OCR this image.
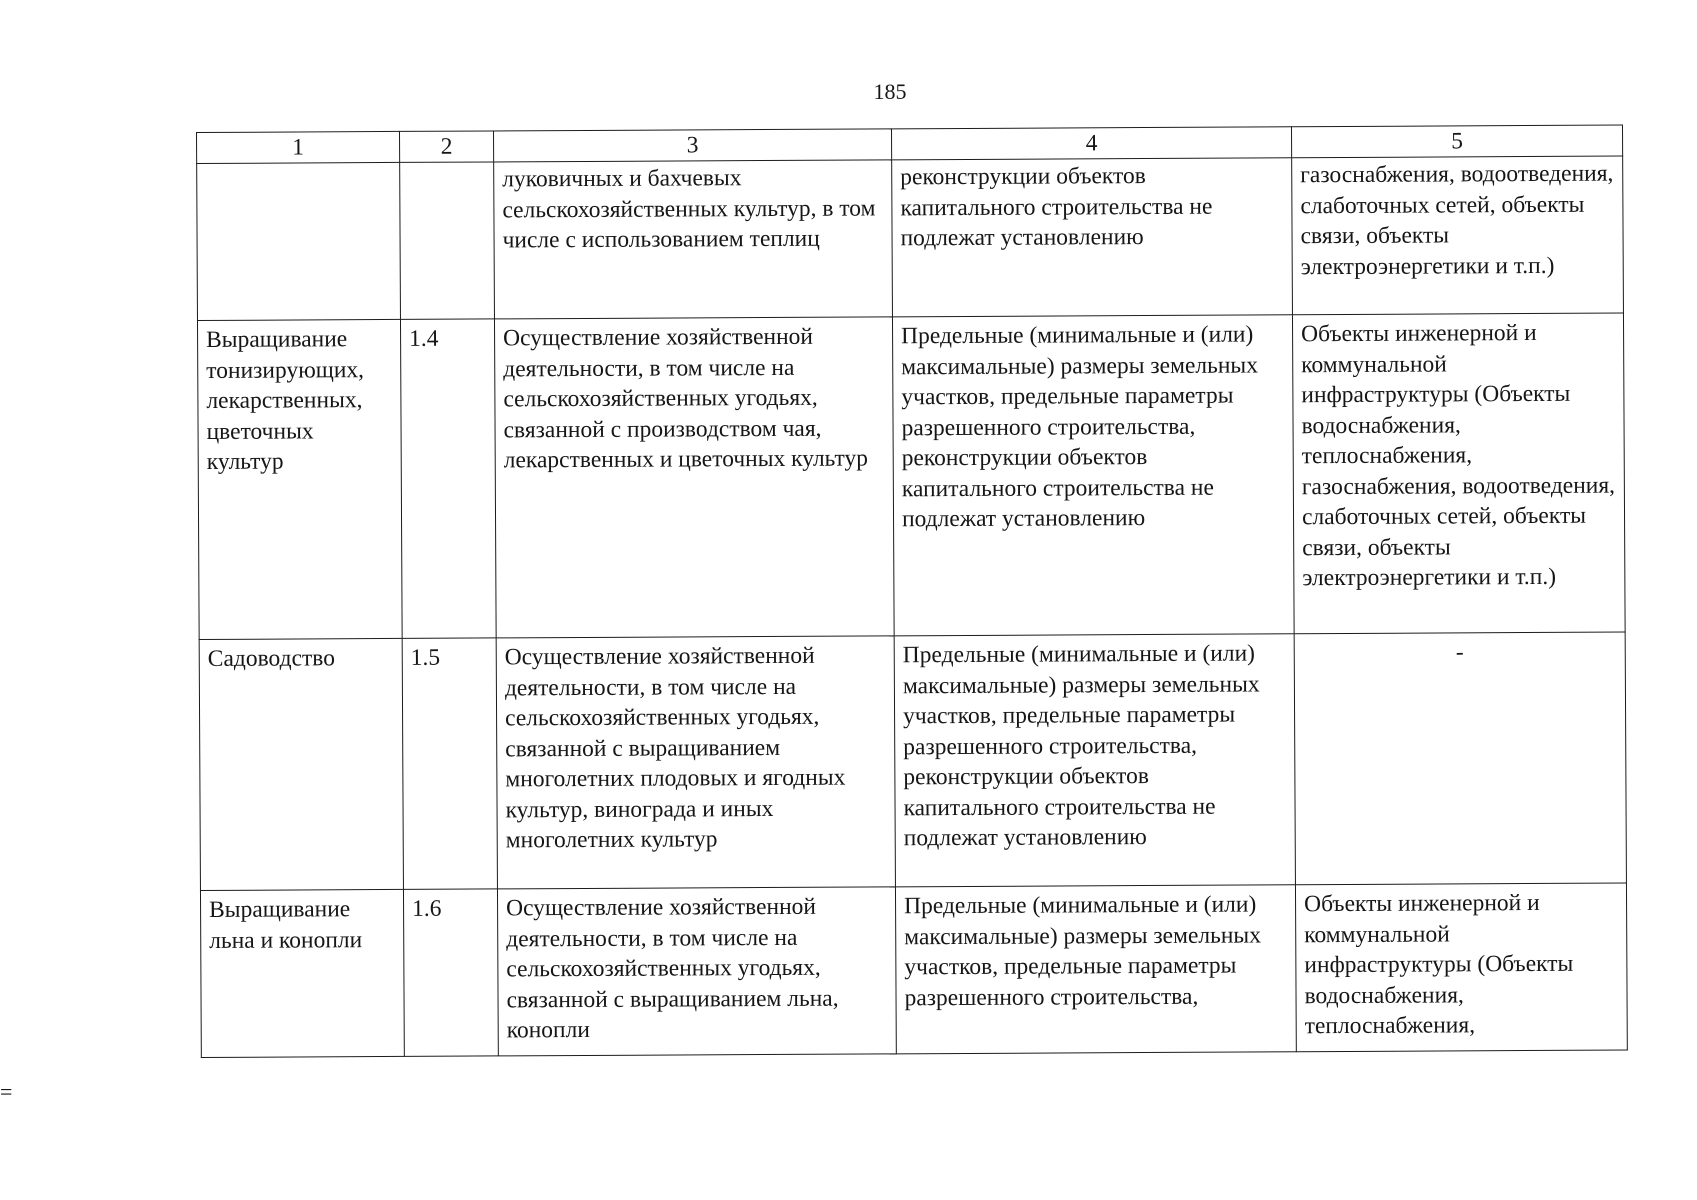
185
=
1	2	3	4	5
		луковичных и бахчевых сельскохозяйственных культур, в том числе с использованием теплиц	реконструкции объектов капитального строительства не подлежат установлению	газоснабжения, водоотведения, слаботочных сетей, объекты связи, объекты электроэнергетики и т.п.)
Выращивание тонизирующих, лекарственных, цветочных культур	1.4	Осуществление хозяйственной деятельности, в том числе на сельскохозяйственных угодьях, связанной с производством чая, лекарственных и цветочных культур	Предельные (минимальные и (или) максимальные) размеры земельных участков, предельные параметры разрешенного строительства, реконструкции объектов капитального строительства не подлежат установлению	Объекты инженерной и коммунальной инфраструктуры (Объекты водоснабжения, теплоснабжения, газоснабжения, водоотведения, слаботочных сетей, объекты связи, объекты электроэнергетики и т.п.)
Садоводство	1.5	Осуществление хозяйственной деятельности, в том числе на сельскохозяйственных угодьях, связанной с выращиванием многолетних плодовых и ягодных культур, винограда и иных многолетних культур	Предельные (минимальные и (или) максимальные) размеры земельных участков, предельные параметры разрешенного строительства, реконструкции объектов капитального строительства не подлежат установлению	-
Выращивание льна и конопли	1.6	Осуществление хозяйственной деятельности, в том числе на сельскохозяйственных угодьях, связанной с выращиванием льна, конопли	Предельные (минимальные и (или) максимальные) размеры земельных участков, предельные параметры разрешенного строительства,	Объекты инженерной и коммунальной инфраструктуры (Объекты водоснабжения, теплоснабжения,
